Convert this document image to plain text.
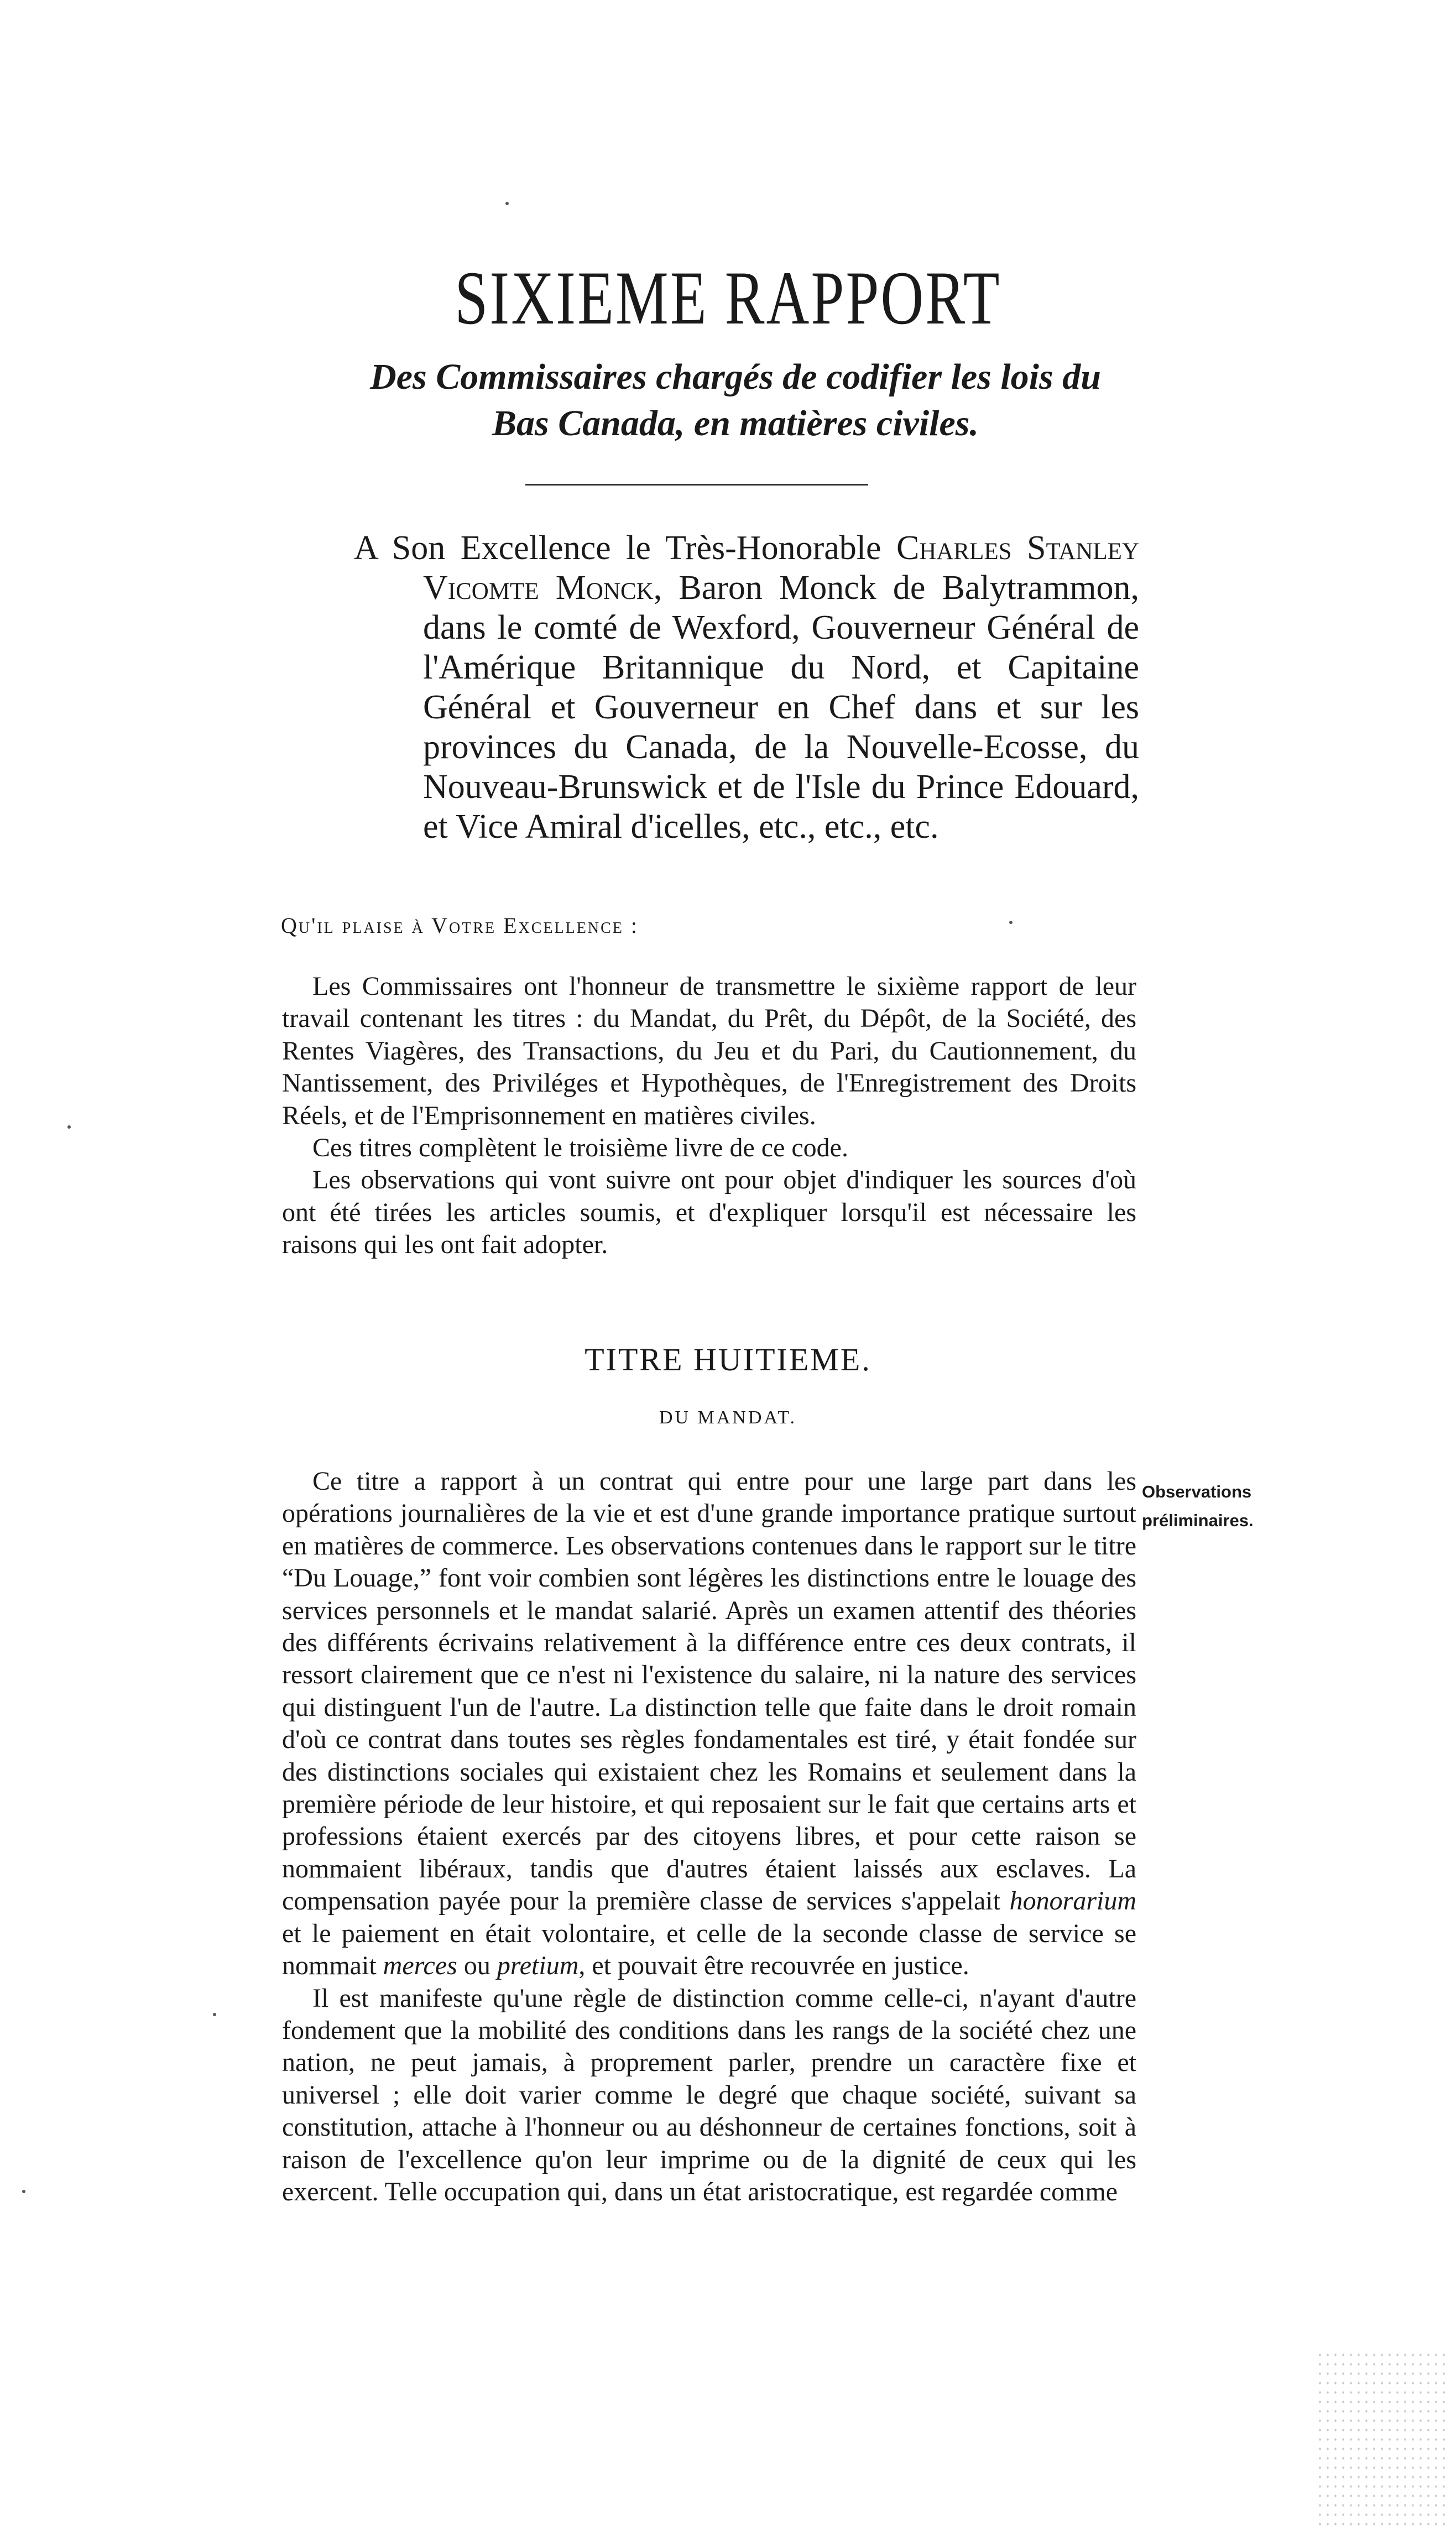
SIXIEME RAPPORT
Des Commissaires chargés de codifier les lois du
Bas Canada, en matières civiles.

A Son Excellence le Très-Honorable Charles Stanley Vicomte Monck, Baron Monck de Balytrammon, dans le comté de Wexford, Gouverneur Général de l'Amérique Britannique du Nord, et Capitaine Général et Gouverneur en Chef dans et sur les provinces du Canada, de la Nouvelle-Ecosse, du Nouveau-Brunswick et de l'Isle du Prince Edouard, et Vice Amiral d'icelles, etc., etc., etc.

Qu'il plaise à Votre Excellence :

Les Commissaires ont l'honneur de transmettre le sixième rapport de leur travail contenant les titres : du Mandat, du Prêt, du Dépôt, de la Société, des Rentes Viagères, des Transactions, du Jeu et du Pari, du Cautionnement, du Nantissement, des Priviléges et Hypothèques, de l'Enregistrement des Droits Réels, et de l'Emprisonnement en matières civiles.

Ces titres complètent le troisième livre de ce code.

Les observations qui vont suivre ont pour objet d'indiquer les sources d'où ont été tirées les articles soumis, et d'expliquer lorsqu'il est nécessaire les raisons qui les ont fait adopter.

TITRE HUITIEME.
DU MANDAT.

Ce titre a rapport à un contrat qui entre pour une large part dans les opérations journalières de la vie et est d'une grande importance pratique surtout en matières de commerce. Les observations contenues dans le rapport sur le titre “Du Louage,” font voir combien sont légères les distinctions entre le louage des services personnels et le mandat salarié. Après un examen attentif des théories des différents écrivains relativement à la différence entre ces deux contrats, il ressort clairement que ce n'est ni l'existence du salaire, ni la nature des services qui distinguent l'un de l'autre. La distinction telle que faite dans le droit romain d'où ce contrat dans toutes ses règles fondamentales est tiré, y était fondée sur des distinctions sociales qui existaient chez les Romains et seulement dans la première période de leur histoire, et qui reposaient sur le fait que certains arts et professions étaient exercés par des citoyens libres, et pour cette raison se nommaient libéraux, tandis que d'autres étaient laissés aux esclaves. La compensation payée pour la première classe de services s'appelait honorarium et le paiement en était volontaire, et celle de la seconde classe de service se nommait merces ou pretium, et pouvait être recouvrée en justice.

Il est manifeste qu'une règle de distinction comme celle-ci, n'ayant d'autre fondement que la mobilité des conditions dans les rangs de la société chez une nation, ne peut jamais, à proprement parler, prendre un caractère fixe et universel ; elle doit varier comme le degré que chaque société, suivant sa constitution, attache à l'honneur ou au déshonneur de certaines fonctions, soit à raison de l'excellence qu'on leur imprime ou de la dignité de ceux qui les exercent. Telle occupation qui, dans un état aristocratique, est regardée comme

Observations
préliminaires.
